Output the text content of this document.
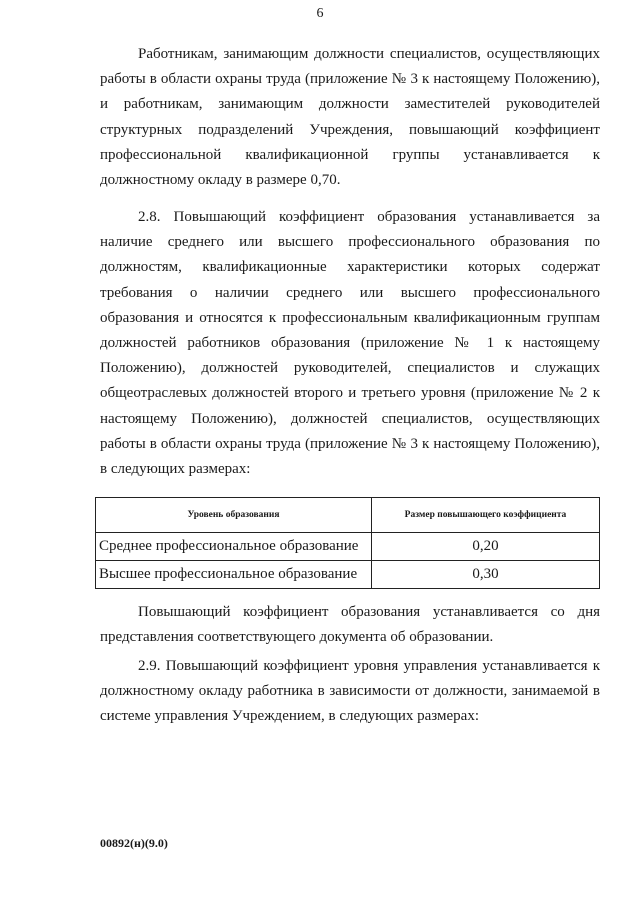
6

Работникам, занимающим должности специалистов, осуществляющих работы в области охраны труда (приложение № 3 к настоящему Положению), и работникам, занимающим должности заместителей руководителей структурных подразделений Учреждения, повышающий коэффициент профессиональной квалификационной группы устанавливается к должностному окладу в размере 0,70.

2.8. Повышающий коэффициент образования устанавливается за наличие среднего или высшего профессионального образования по должностям, квалификационные характеристики которых содержат требования о наличии среднего или высшего профессионального образования и относятся к профессиональным квалификационным группам должностей работников образования (приложение № 1 к настоящему Положению), должностей руководителей, специалистов и служащих общеотраслевых должностей второго и третьего уровня (приложение № 2 к настоящему Положению), должностей специалистов, осуществляющих работы в области охраны труда (приложение № 3 к настоящему Положению), в следующих размерах:

Уровень образования	Размер повышающего коэффициента
Среднее профессиональное образование	0,20
Высшее профессиональное образование	0,30

Повышающий коэффициент образования устанавливается со дня представления соответствующего документа об образовании.

2.9. Повышающий коэффициент уровня управления устанавливается к должностному окладу работника в зависимости от должности, занимаемой в системе управления Учреждением, в следующих размерах:

00892(н)(9.0)
